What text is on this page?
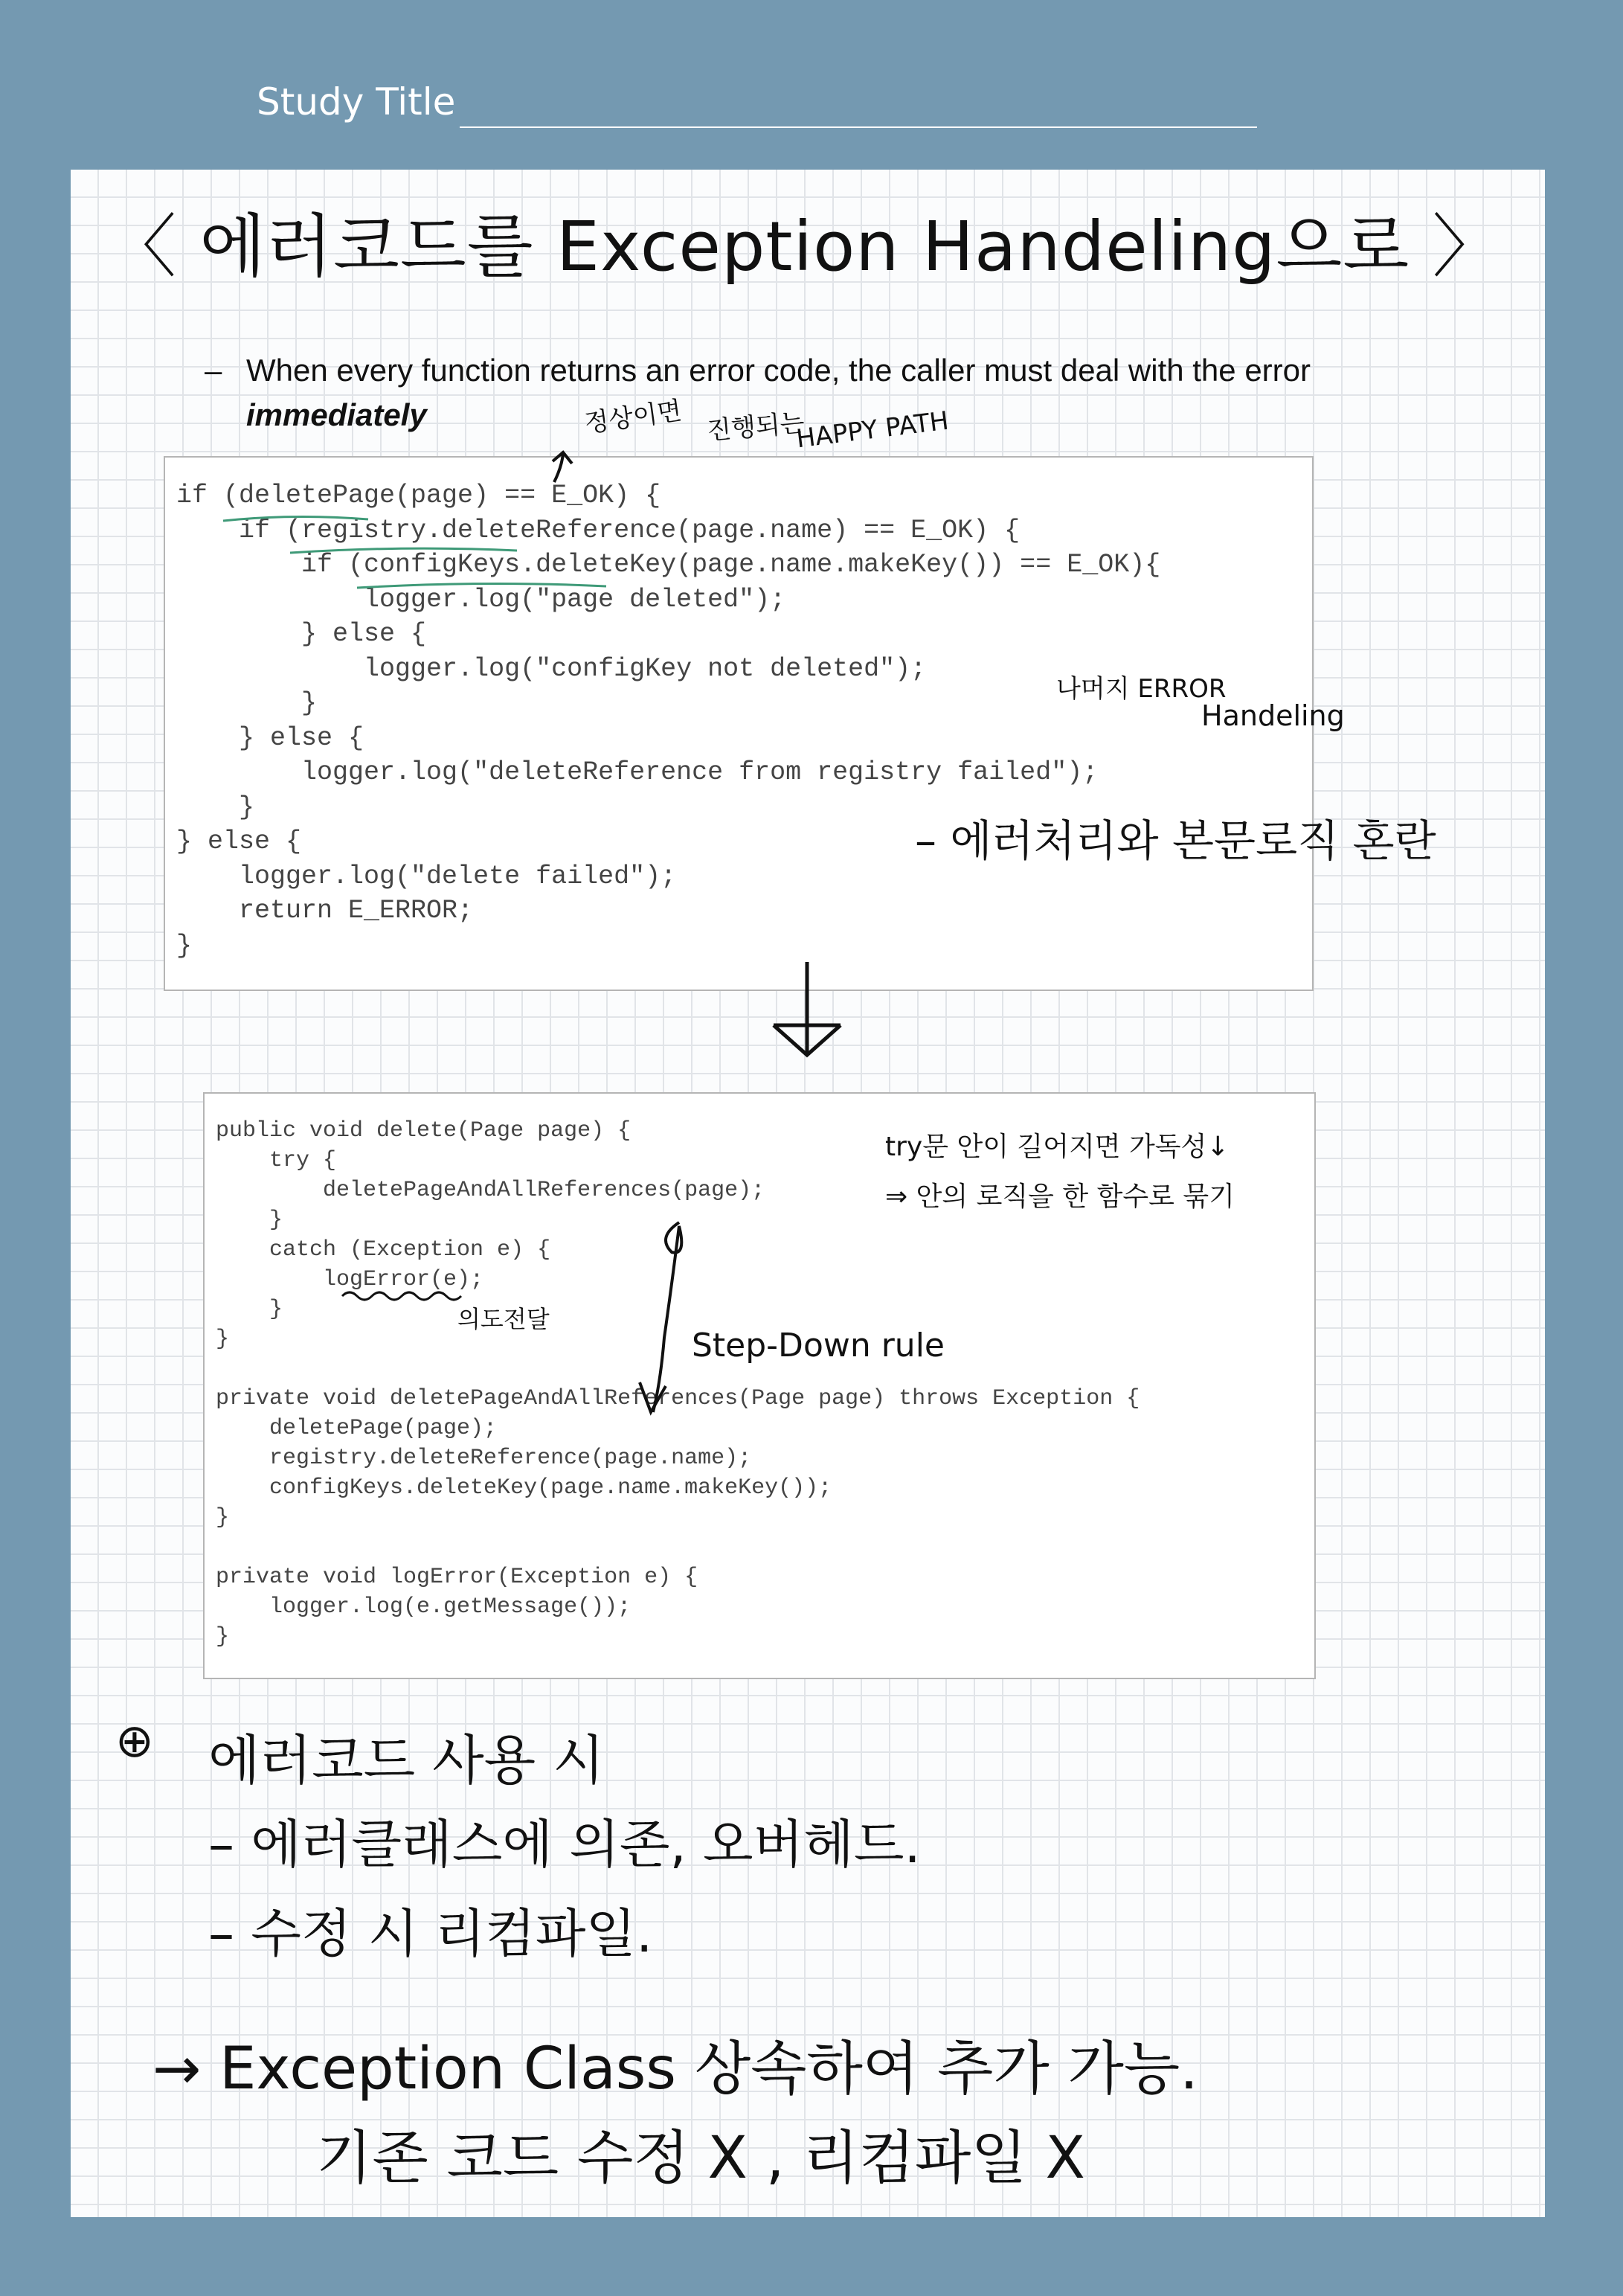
Study Title
〈 에러코드를 Exception Handeling으로 〉
– When every function returns an error code, the caller must deal with the error immediately	정상이면 진행되는
HAPPY PATH
if (deletePage(page) == E_OK) {
if (registry.deleteReference(page.name) == E_OK) {
if (configKeys.deleteKey(page.name.makeKey()) == E_OK){
logger.log("page deleted");
} else {
logger.log("configKey not deleted");
}
} else {
logger.log("deleteReference from registry failed");
}
} else {
logger.log("delete failed");
return E_ERROR;
}
나머지 ERROR
Handeling
– 에러처리와 본문로직 혼란
public void delete(Page page) {
try {
deletePageAndAllReferences(page);
}
catch (Exception e) {
logError(e);
}
}

private void deletePageAndAllReferences(Page page) throws Exception {
deletePage(page);
registry.deleteReference(page.name);
configKeys.deleteKey(page.name.makeKey());
}

private void logError(Exception e) {
logger.log(e.getMessage());
}
try문 안이 길어지면 가독성↓
⇒ 안의 로직을 한 함수로 묶기
의도전달
Step-Down rule
⊕ 에러코드 사용 시
– 에러클래스에 의존, 오버헤드.
– 수정 시 리컴파일.
→ Exception Class 상속하여 추가 가능.
기존 코드 수정 X , 리컴파일 X
